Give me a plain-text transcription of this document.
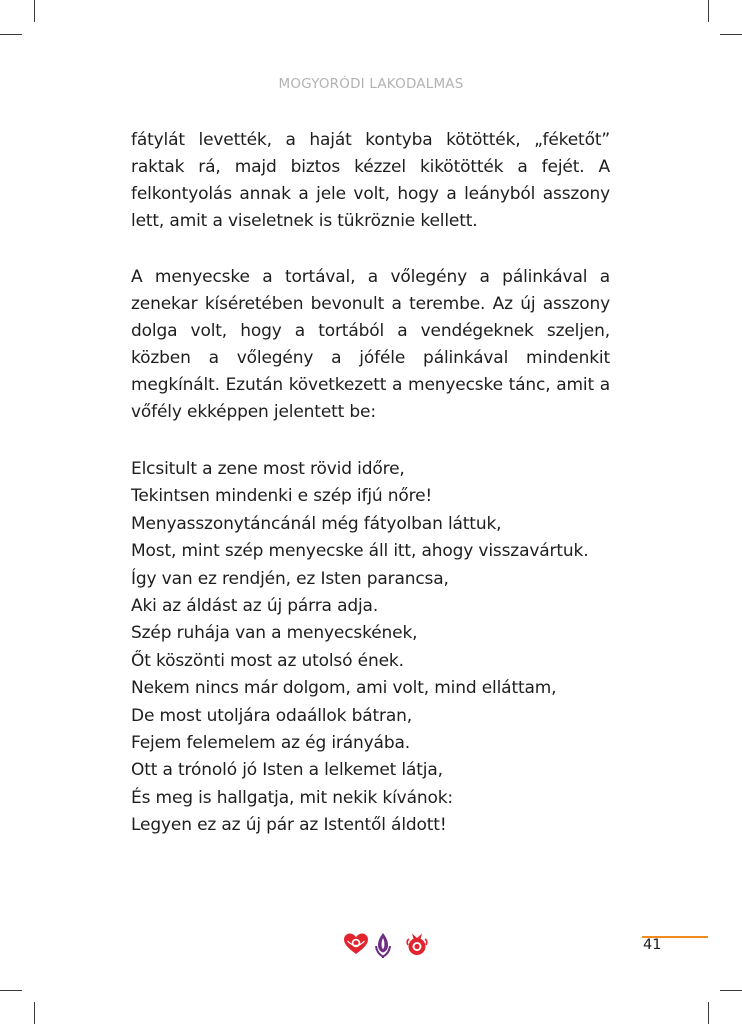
MOGYORÓDI LAKODALMAS

fátylát levették, a haját kontyba kötötték, „féketőt” raktak rá, majd biztos kézzel kikötötték a fejét. A felkontyolás annak a jele volt, hogy a leányból asszony lett, amit a viseletnek is tükröznie kellett.

A menyecske a tortával, a vőlegény a pálinkával a zenekar kíséretében bevonult a terembe. Az új asszony dolga volt, hogy a tortából a vendégeknek szeljen, közben a vőlegény a jóféle pálinkával mindenkit megkínált. Ezután következett a menyecske tánc, amit a vőfély ekképpen jelentett be:

Elcsitult a zene most rövid időre,
Tekintsen mindenki e szép ifjú nőre!
Menyasszonytáncánál még fátyolban láttuk,
Most, mint szép menyecske áll itt, ahogy visszavártuk.
Így van ez rendjén, ez Isten parancsa,
Aki az áldást az új párra adja.
Szép ruhája van a menyecskének,
Őt köszönti most az utolsó ének.
Nekem nincs már dolgom, ami volt, mind elláttam,
De most utoljára odaállok bátran,
Fejem felemelem az ég irányába.
Ott a trónoló jó Isten a lelkemet látja,
És meg is hallgatja, mit nekik kívánok:
Legyen ez az új pár az Istentől áldott!
41
